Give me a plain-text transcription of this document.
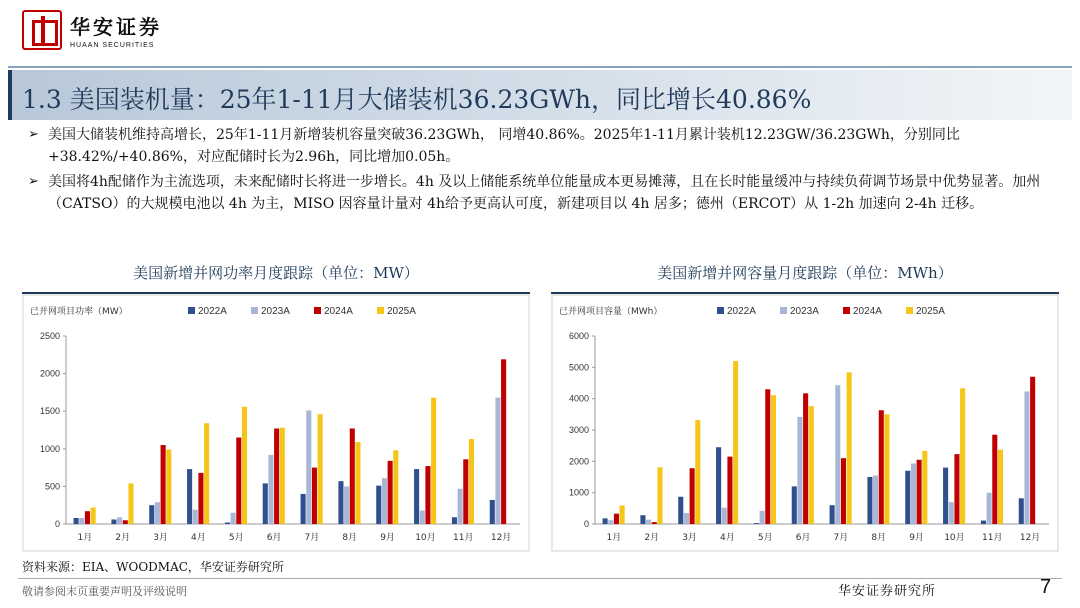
华安证券
HUAAN SECURITIES
1.3 美国装机量：25年1-11月大储装机36.23GWh，同比增长40.86%
➢ 美国大储装机维持高增长，25年1-11月新增装机容量突破36.23GWh， 同增40.86%。2025年1-11月累计装机12.23GW/36.23GWh，分别同比+38.42%/+40.86%，对应配储时长为2.96h，同比增加0.05h。
➢ 美国将4h配储作为主流选项，未来配储时长将进一步增长。4h 及以上储能系统单位能量成本更易摊薄，且在长时能量缓冲与持续负荷调节场景中优势显著。加州（CATSO）的大规模电池以 4h 为主，MISO 因容量计量对 4h给予更高认可度，新建项目以 4h 居多；德州（ERCOT）从 1-2h 加速向 2-4h 迁移。
美国新增并网功率月度跟踪（单位：MW）
已并网项目功率（MW）	2022A	2023A	2024A	2025A
0
500
1000
1500
2000
2500
1月	2月	3月	4月	5月	6月	7月	8月	9月 10月 11月 12月
美国新增并网容量月度跟踪（单位：MWh）
已并网项目容量（MWh）	2022A	2023A	2024A	2025A
0
1000
2000
3000
4000
5000
6000
1月	2月	3月	4月	5月	6月	7月	8月	9月 10月 11月 12月
资料来源：EIA、WOODMAC，华安证券研究所
敬请参阅末页重要声明及评级说明	华安证券研究所	7
